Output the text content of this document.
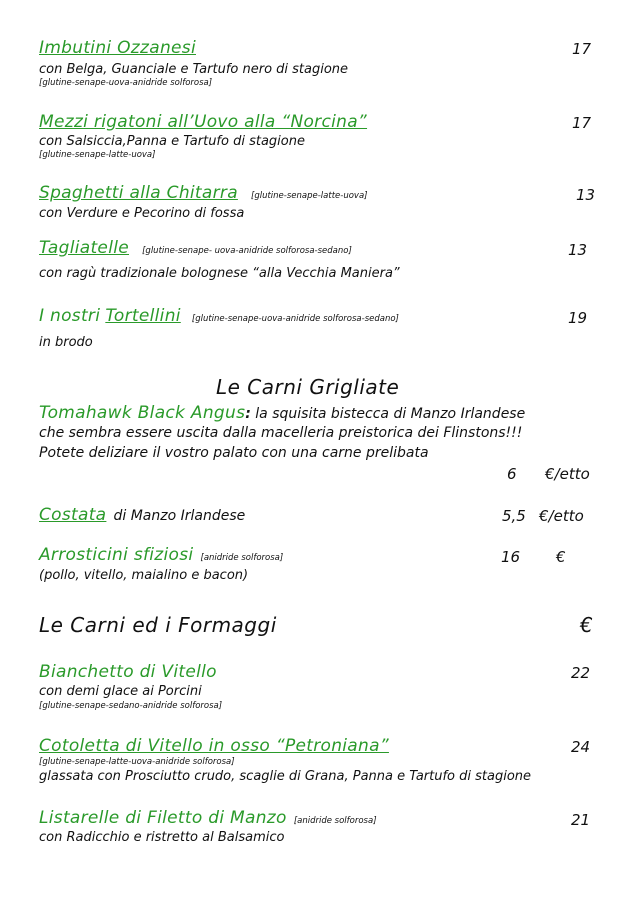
Imbutini Ozzanesi	17
con Belga, Guanciale e Tartufo nero di stagione
[glutine-senape-uova-anidride solforosa]
Mezzi rigatoni all’Uovo alla “Norcina”	17
con Salsiccia,Panna e Tartufo di stagione
[glutine-senape-latte-uova]
Spaghetti alla Chitarra [glutine-senape-latte-uova]	13
con Verdure e Pecorino di fossa
Tagliatelle [glutine-senape- uova-anidride solforosa-sedano]	13
con ragù tradizionale bolognese “alla Vecchia Maniera”
I nostri Tortellini [glutine-senape-uova-anidride solforosa-sedano]	19
in brodo
Le Carni Grigliate
Tomahawk Black Angus: la squisita bistecca di Manzo Irlandese
che sembra essere uscita dalla macelleria preistorica dei Flinstons!!!
Potete deliziare il vostro palato con una carne prelibata
6 €/etto
Costata di Manzo Irlandese	5,5 €/etto
Arrosticini sfiziosi [anidride solforosa]	16 €
(pollo, vitello, maialino e bacon)
Le Carni ed i Formaggi	€
Bianchetto di Vitello	22
con demi glace ai Porcini
[glutine-senape-sedano-anidride solforosa]
Cotoletta di Vitello in osso “Petroniana”	24
[glutine-senape-latte-uova-anidride solforosa]
glassata con Prosciutto crudo, scaglie di Grana, Panna e Tartufo di stagione
Listarelle di Filetto di Manzo [anidride solforosa]	21
con Radicchio e ristretto al Balsamico
